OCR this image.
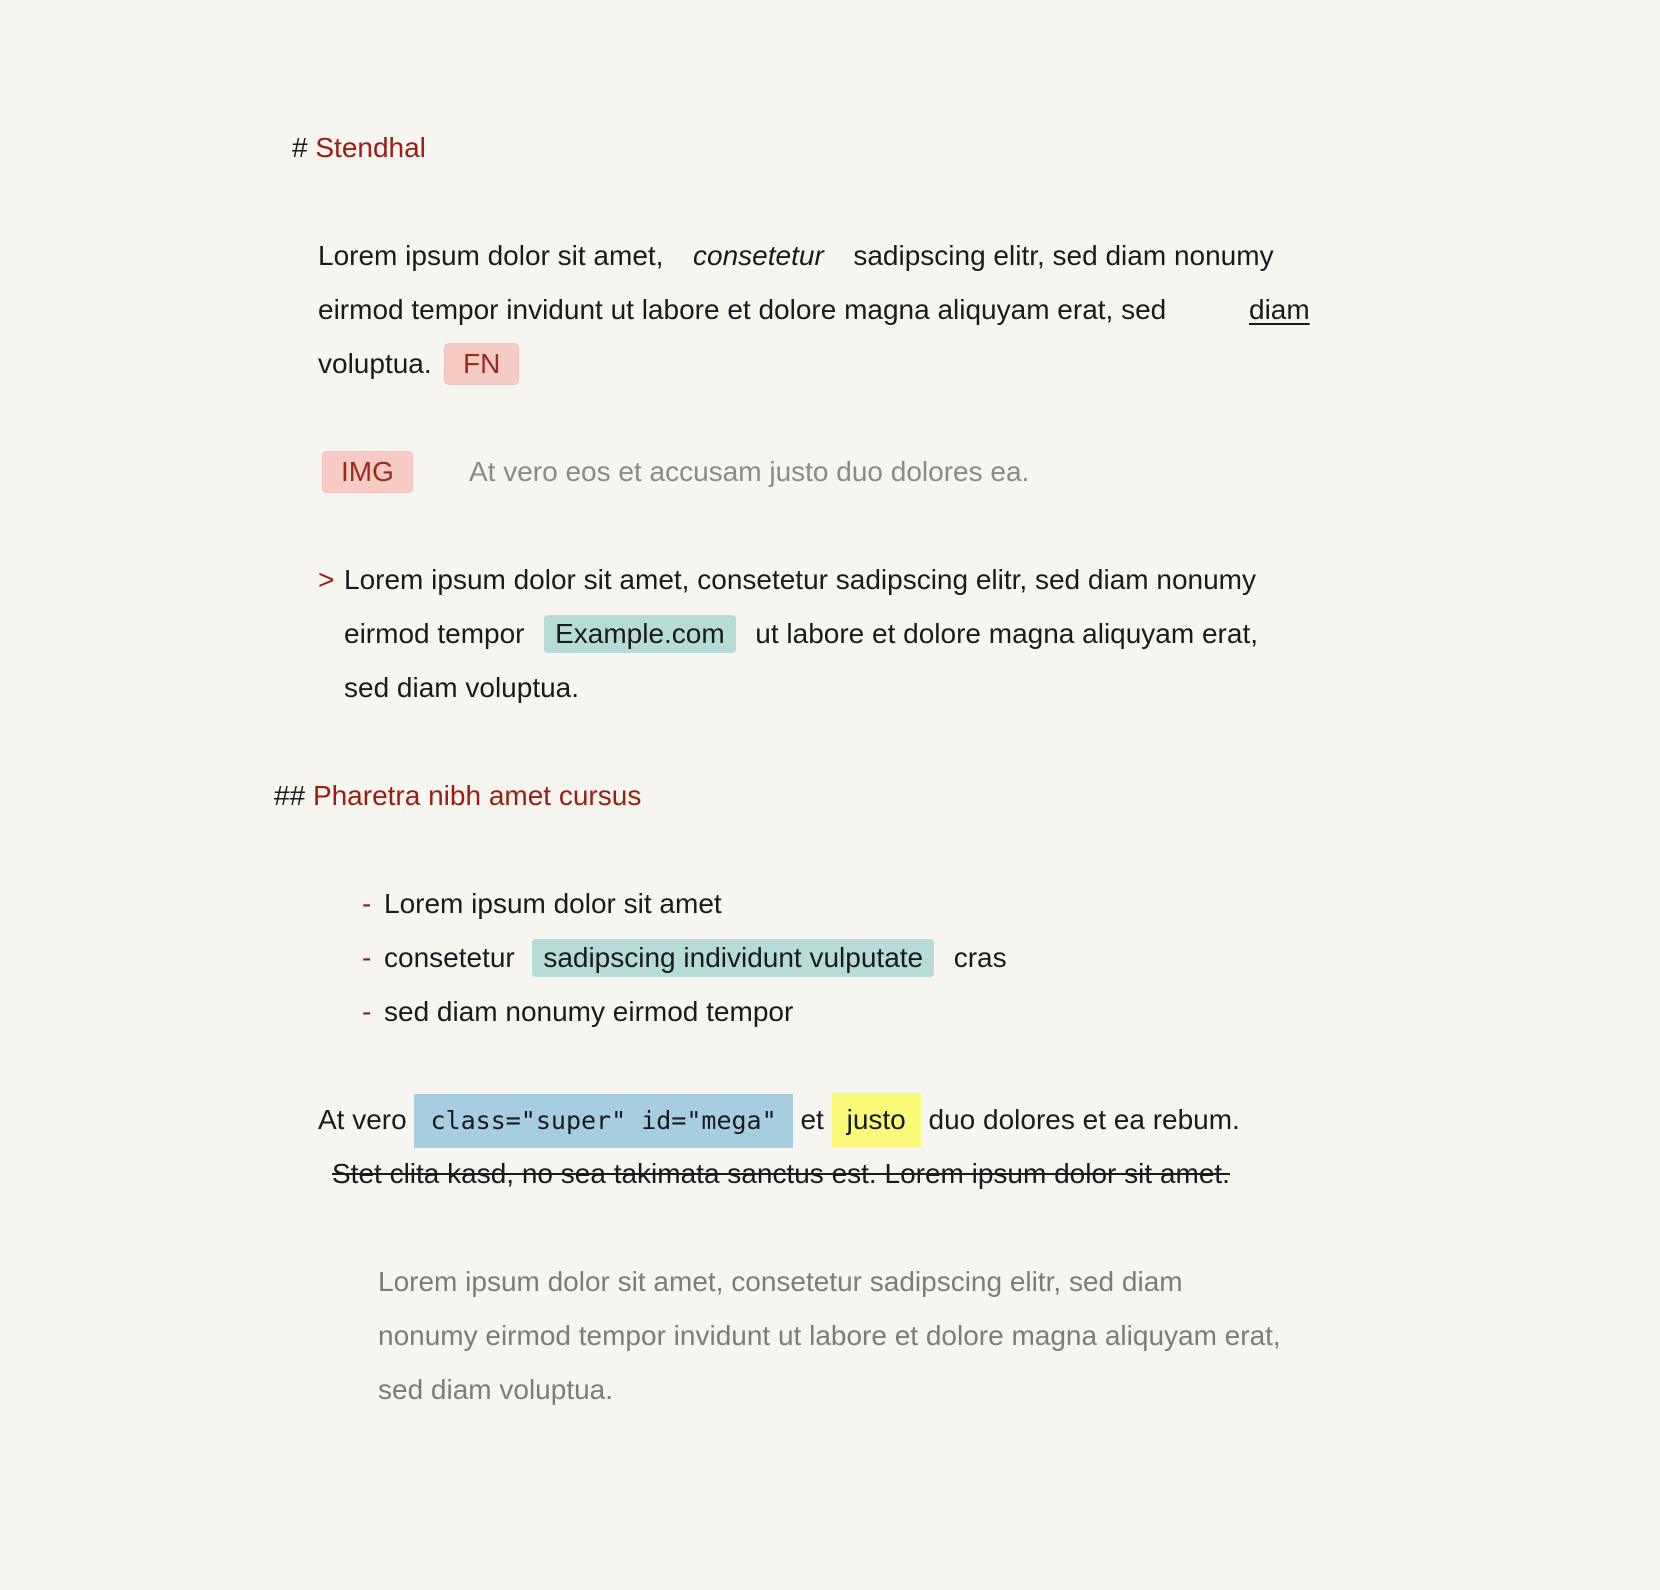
# Stendhal
Lorem ipsum dolor sit amet, consetetur sadipscing elitr, sed diam nonumy
eirmod tempor invidunt ut labore et dolore magna aliquyam erat, sed	diam
voluptua.	FN
IMG	At vero eos et accusam justo duo dolores ea.
> Lorem ipsum dolor sit amet, consetetur sadipscing elitr, sed diam nonumy
eirmod tempor Example.com ut labore et dolore magna aliquyam erat,
sed diam voluptua.
## Pharetra nibh amet cursus
- Lorem ipsum dolor sit amet
- consetetur sadipscing individunt vulputate cras
- sed diam nonumy eirmod tempor
At vero class="super" id="mega" et justo duo dolores et ea rebum.
Stet clita kasd, no sea takimata sanctus est. Lorem ipsum dolor sit amet.
Lorem ipsum dolor sit amet, consetetur sadipscing elitr, sed diam
nonumy eirmod tempor invidunt ut labore et dolore magna aliquyam erat,
sed diam voluptua.
